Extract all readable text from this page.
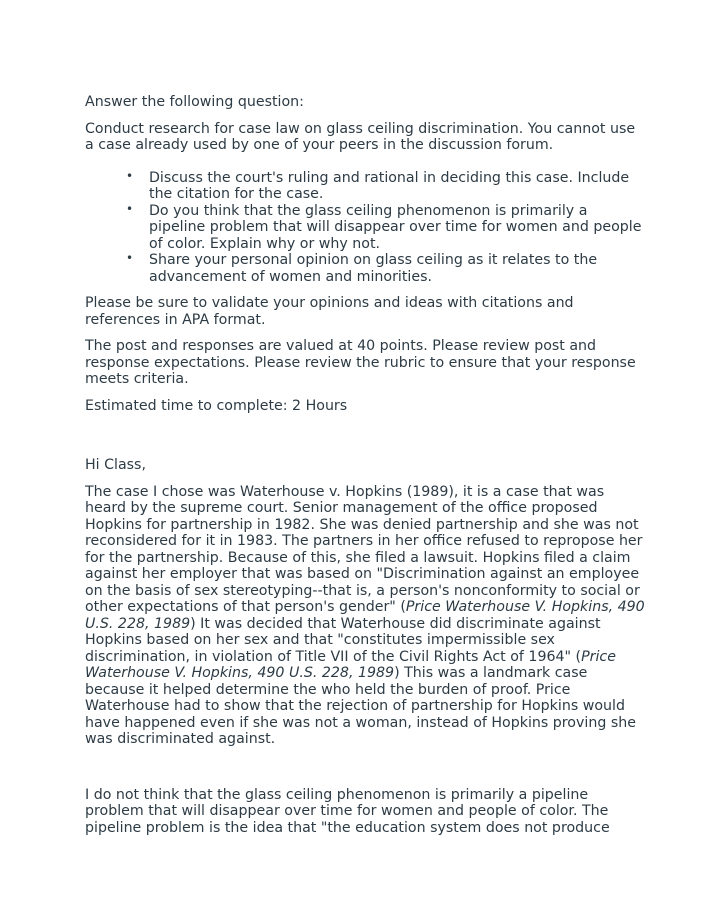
Answer the following question:

Conduct research for case law on glass ceiling discrimination. You cannot use a case already used by one of your peers in the discussion forum.

• Discuss the court's ruling and rational in deciding this case. Include the citation for the case.
• Do you think that the glass ceiling phenomenon is primarily a pipeline problem that will disappear over time for women and people of color. Explain why or why not.
• Share your personal opinion on glass ceiling as it relates to the advancement of women and minorities.

Please be sure to validate your opinions and ideas with citations and references in APA format.

The post and responses are valued at 40 points. Please review post and response expectations. Please review the rubric to ensure that your response meets criteria.

Estimated time to complete: 2 Hours

Hi Class,

The case I chose was Waterhouse v. Hopkins (1989), it is a case that was heard by the supreme court. Senior management of the office proposed Hopkins for partnership in 1982. She was denied partnership and she was not reconsidered for it in 1983. The partners in her office refused to repropose her for the partnership. Because of this, she filed a lawsuit. Hopkins filed a claim against her employer that was based on "Discrimination against an employee on the basis of sex stereotyping--that is, a person's nonconformity to social or other expectations of that person's gender" (Price Waterhouse V. Hopkins, 490 U.S. 228, 1989) It was decided that Waterhouse did discriminate against Hopkins based on her sex and that "constitutes impermissible sex discrimination, in violation of Title VII of the Civil Rights Act of 1964" (Price Waterhouse V. Hopkins, 490 U.S. 228, 1989) This was a landmark case because it helped determine the who held the burden of proof. Price Waterhouse had to show that the rejection of partnership for Hopkins would have happened even if she was not a woman, instead of Hopkins proving she was discriminated against.

I do not think that the glass ceiling phenomenon is primarily a pipeline problem that will disappear over time for women and people of color. The pipeline problem is the idea that "the education system does not produce
